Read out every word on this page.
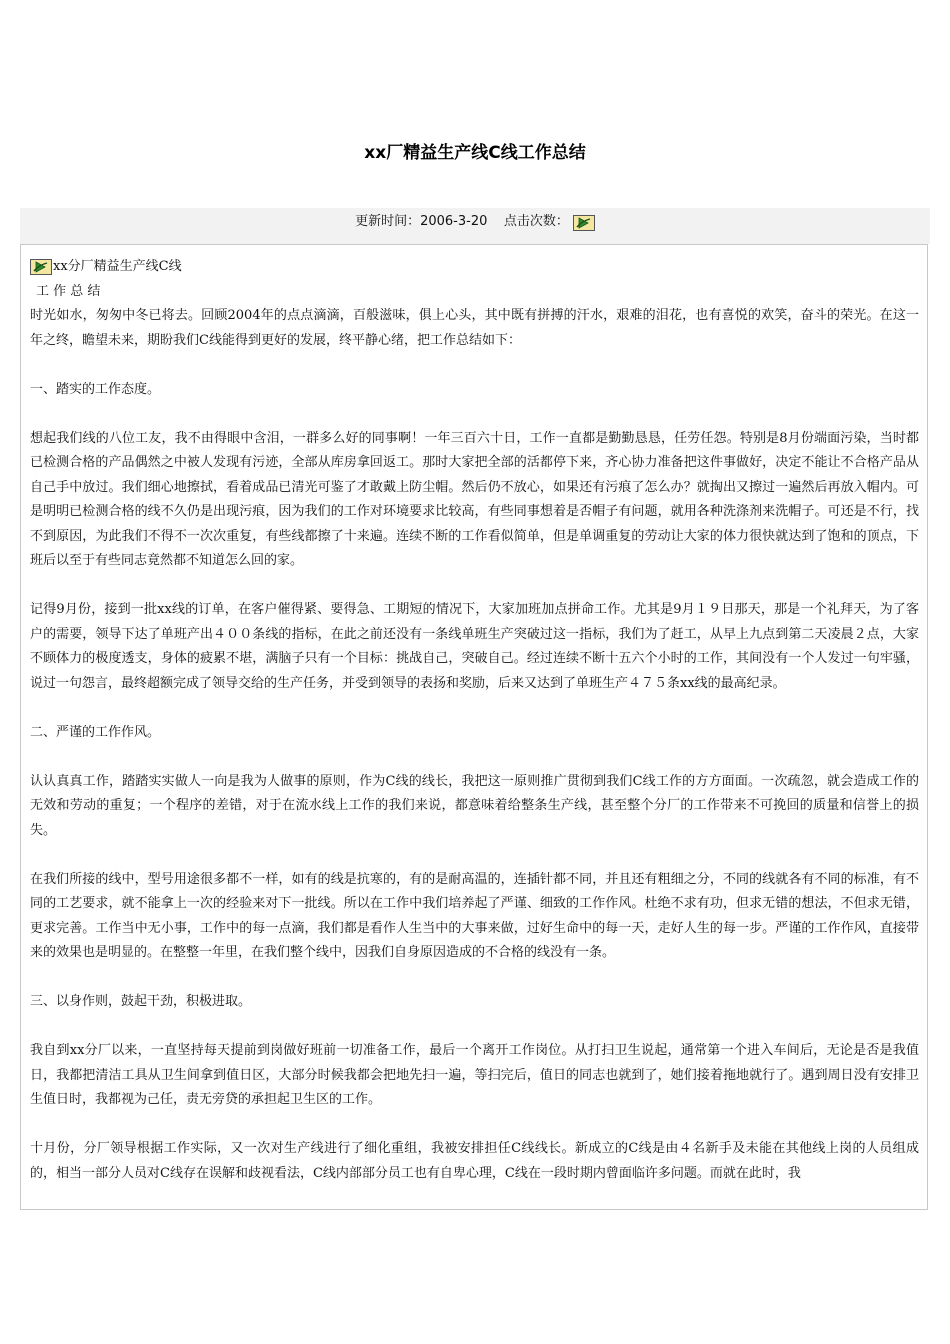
xx厂精益生产线C线工作总结
更新时间：2006-3-20 点击次数：

xx分厂精益生产线C线

工 作 总 结

时光如水，匆匆中冬已将去。回顾2004年的点点滴滴，百般滋味，俱上心头，其中既有拼搏的汗水，艰难的泪花，也有喜悦的欢笑，奋斗的荣光。在这一年之终，瞻望未来，期盼我们C线能得到更好的发展，终平静心绪，把工作总结如下：

一、踏实的工作态度。

想起我们线的八位工友，我不由得眼中含泪，一群多么好的同事啊！一年三百六十日，工作一直都是勤勤恳恳，任劳任怨。特别是8月份端面污染，当时都已检测合格的产品偶然之中被人发现有污迹，全部从库房拿回返工。那时大家把全部的活都停下来，齐心协力准备把这件事做好，决定不能让不合格产品从自己手中放过。我们细心地擦拭，看着成品已清光可鉴了才敢戴上防尘帽。然后仍不放心，如果还有污痕了怎么办？就掏出又擦过一遍然后再放入帽内。可是明明已检测合格的线不久仍是出现污痕，因为我们的工作对环境要求比较高，有些同事想着是否帽子有问题，就用各种洗涤剂来洗帽子。可还是不行，找不到原因，为此我们不得不一次次重复，有些线都擦了十来遍。连续不断的工作看似简单，但是单调重复的劳动让大家的体力很快就达到了饱和的顶点，下班后以至于有些同志竟然都不知道怎么回的家。

记得9月份，接到一批xx线的订单，在客户催得紧、要得急、工期短的情况下，大家加班加点拼命工作。尤其是9月１９日那天，那是一个礼拜天，为了客户的需要，领导下达了单班产出４００条线的指标，在此之前还没有一条线单班生产突破过这一指标，我们为了赶工，从早上九点到第二天凌晨２点，大家不顾体力的极度透支，身体的疲累不堪，满脑子只有一个目标：挑战自己，突破自己。经过连续不断十五六个小时的工作，其间没有一个人发过一句牢骚，说过一句怨言，最终超额完成了领导交给的生产任务，并受到领导的表扬和奖励，后来又达到了单班生产４７５条xx线的最高纪录。

二、严谨的工作作风。

认认真真工作，踏踏实实做人一向是我为人做事的原则，作为C线的线长，我把这一原则推广贯彻到我们C线工作的方方面面。一次疏忽，就会造成工作的无效和劳动的重复；一个程序的差错，对于在流水线上工作的我们来说，都意味着给整条生产线，甚至整个分厂的工作带来不可挽回的质量和信誉上的损失。

在我们所接的线中，型号用途很多都不一样，如有的线是抗寒的，有的是耐高温的，连插针都不同，并且还有粗细之分，不同的线就各有不同的标准，有不同的工艺要求，就不能拿上一次的经验来对下一批线。所以在工作中我们培养起了严谨、细致的工作作风。杜绝不求有功，但求无错的想法，不但求无错，更求完善。工作当中无小事，工作中的每一点滴，我们都是看作人生当中的大事来做，过好生命中的每一天，走好人生的每一步。严谨的工作作风，直接带来的效果也是明显的。在整整一年里，在我们整个线中，因我们自身原因造成的不合格的线没有一条。

三、以身作则，鼓起干劲，积极进取。

我自到xx分厂以来，一直坚持每天提前到岗做好班前一切准备工作，最后一个离开工作岗位。从打扫卫生说起，通常第一个进入车间后，无论是否是我值日，我都把清洁工具从卫生间拿到值日区，大部分时候我都会把地先扫一遍，等扫完后，值日的同志也就到了，她们接着拖地就行了。遇到周日没有安排卫生值日时，我都视为己任，责无旁贷的承担起卫生区的工作。

十月份，分厂领导根据工作实际，又一次对生产线进行了细化重组，我被安排担任C线线长。新成立的C线是由４名新手及未能在其他线上岗的人员组成的，相当一部分人员对C线存在误解和歧视看法，C线内部部分员工也有自卑心理，C线在一段时期内曾面临许多问题。而就在此时，我
